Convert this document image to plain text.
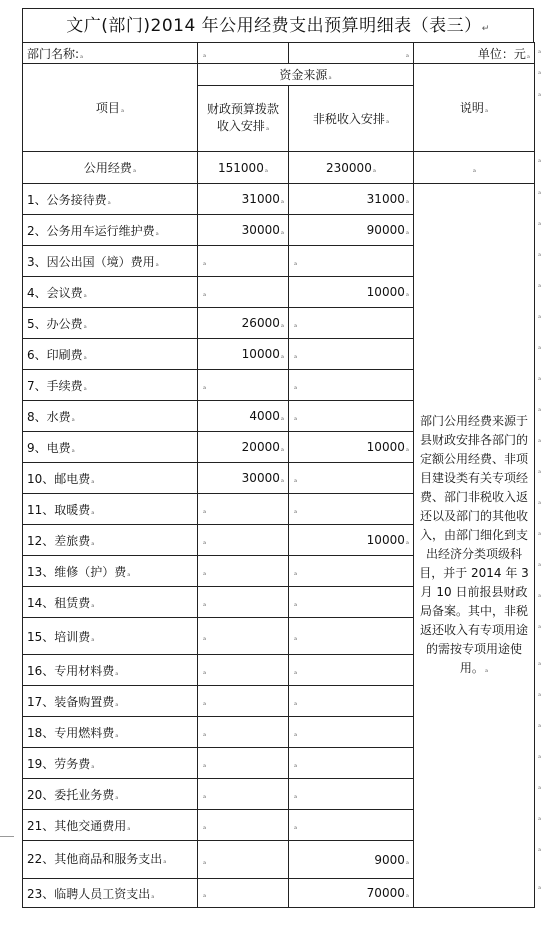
文广(部门)2014 年公用经费支出预算明细表（表三）↵
部门名称:ₐ	ₐ	ₐ	单位：元ₐ
项目ₐ	资金来源ₐ		说明ₐ
	财政预算拨款收入安排ₐ	非税收入安排ₐ	
公用经费ₐ	151000ₐ	230000ₐ	ₐ
1、公务接待费ₐ	31000ₐ	31000ₐ	部门公用经费来源于县财政安排各部门的定额公用经费、非项目建设类有关专项经费、部门非税收入返还以及部门的其他收入，由部门细化到支出经济分类项级科目，并于 2014 年 3 月 10 日前报县财政局备案。其中，非税返还收入有专项用途的需按专项用途使用。ₐ
2、公务用车运行维护费ₐ	30000ₐ	90000ₐ	
3、因公出国（境）费用ₐ	ₐ	ₐ	
4、会议费ₐ	ₐ	10000ₐ	
5、办公费ₐ	26000ₐ	ₐ	
6、印刷费ₐ	10000ₐ	ₐ	
7、手续费ₐ	ₐ	ₐ	
8、水费ₐ	4000ₐ	ₐ	
9、电费ₐ	20000ₐ	10000ₐ	
10、邮电费ₐ	30000ₐ	ₐ	
11、取暖费ₐ	ₐ	ₐ	
12、差旅费ₐ	ₐ	10000ₐ	
13、维修（护）费ₐ	ₐ	ₐ	
14、租赁费ₐ	ₐ	ₐ	
15、培训费ₐ	ₐ	ₐ	
16、专用材料费ₐ	ₐ	ₐ	
17、装备购置费ₐ	ₐ	ₐ	
18、专用燃料费ₐ	ₐ	ₐ	
19、劳务费ₐ	ₐ	ₐ	
20、委托业务费ₐ	ₐ	ₐ	
21、其他交通费用ₐ	ₐ	ₐ	
22、其他商品和服务支出ₐ	ₐ	9000ₐ	
23、临聘人员工资支出ₐ	ₐ	70000ₐ	
ₐ
ₐ
ₐ
ₐ
ₐ
ₐ
ₐ
ₐ
ₐ
ₐ
ₐ
ₐ
ₐ
ₐ
ₐ
ₐ
ₐ
ₐ
ₐ
ₐ
ₐ
ₐ
ₐ
ₐ
ₐ
ₐ
ₐ
